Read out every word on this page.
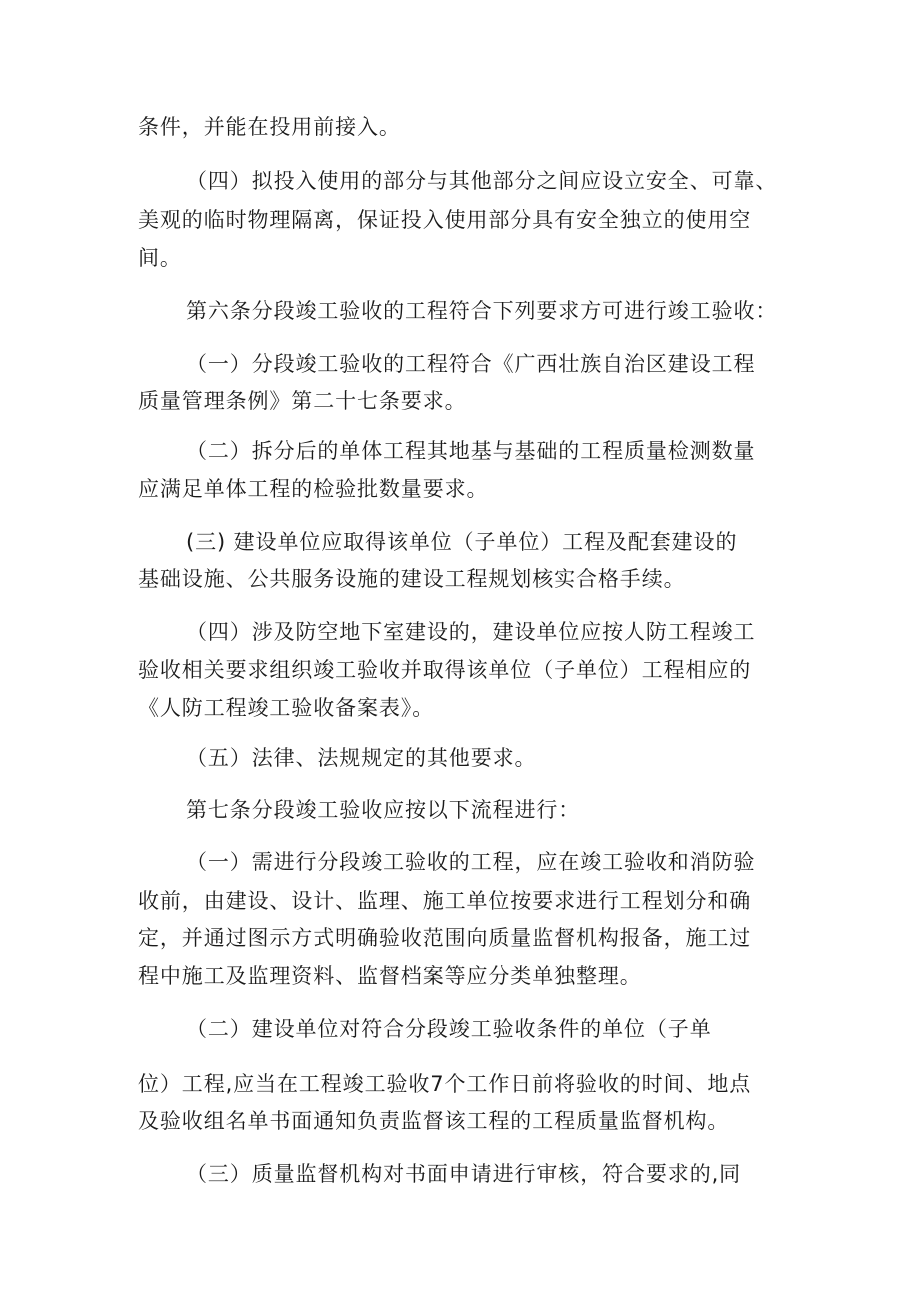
条件，并能在投用前接入。
（四）拟投入使用的部分与其他部分之间应设立安全、可靠、
美观的临时物理隔离，保证投入使用部分具有安全独立的使用空
间。
第六条分段竣工验收的工程符合下列要求方可进行竣工验收：
（一）分段竣工验收的工程符合《广西壮族自治区建设工程
质量管理条例》第二十七条要求。
（二）拆分后的单体工程其地基与基础的工程质量检测数量
应满足单体工程的检验批数量要求。
(三) 建设单位应取得该单位（子单位）工程及配套建设的
基础设施、公共服务设施的建设工程规划核实合格手续。
（四）涉及防空地下室建设的，建设单位应按人防工程竣工
验收相关要求组织竣工验收并取得该单位（子单位）工程相应的
《人防工程竣工验收备案表》。
（五）法律、法规规定的其他要求。
第七条分段竣工验收应按以下流程进行：
（一）需进行分段竣工验收的工程，应在竣工验收和消防验
收前，由建设、设计、监理、施工单位按要求进行工程划分和确
定，并通过图示方式明确验收范围向质量监督机构报备，施工过
程中施工及监理资料、监督档案等应分类单独整理。
（二）建设单位对符合分段竣工验收条件的单位（子单
位）工程,应当在工程竣工验收7个工作日前将验收的时间、地点
及验收组名单书面通知负责监督该工程的工程质量监督机构。
（三）质量监督机构对书面申请进行审核，符合要求的,同
